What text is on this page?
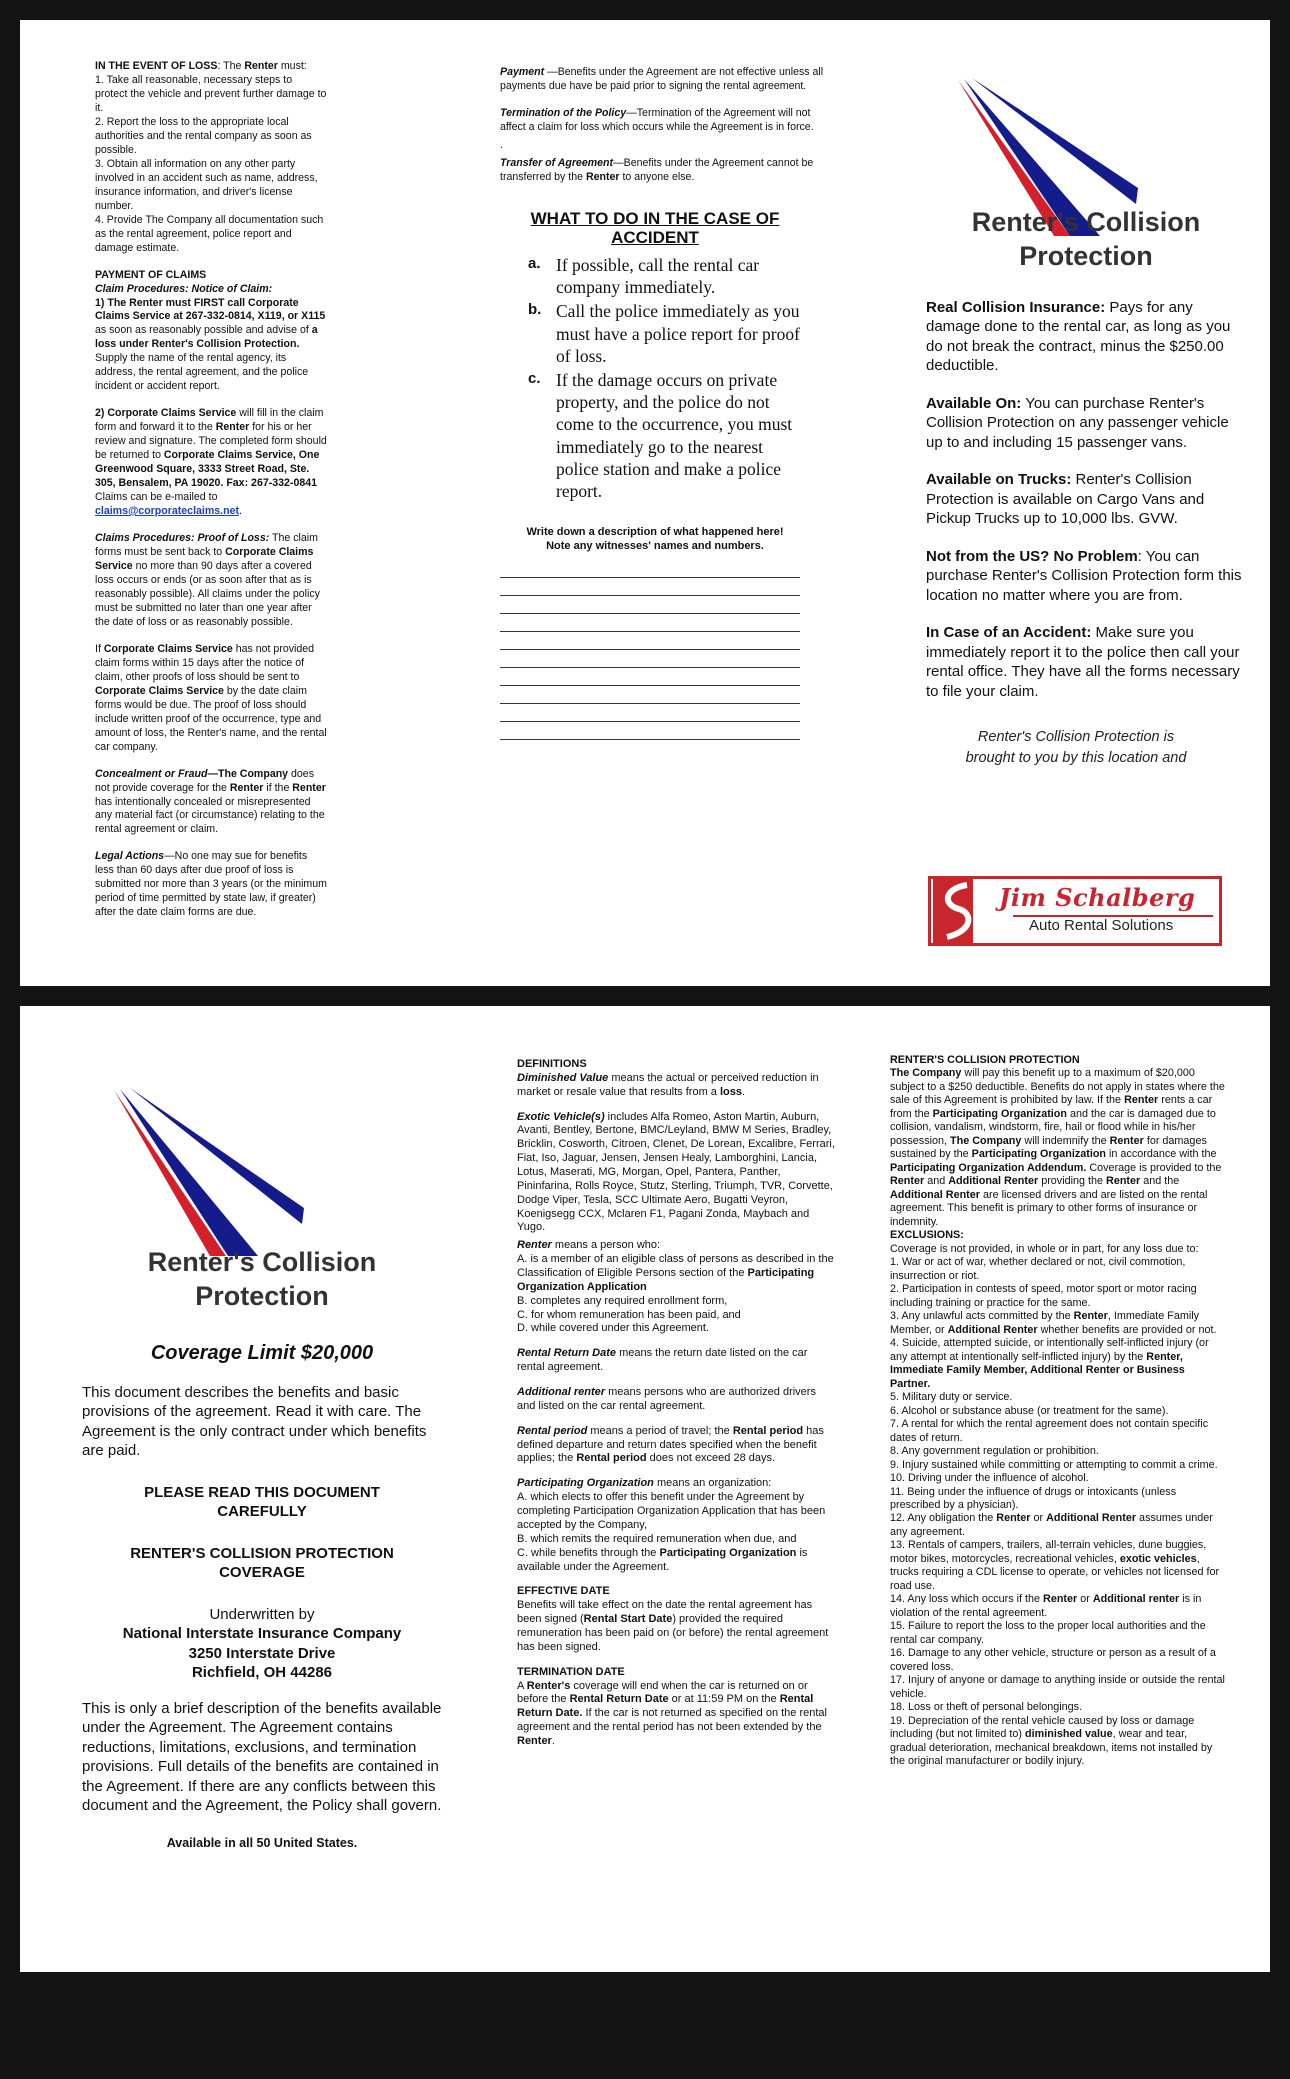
IN THE EVENT OF LOSS: The Renter must:
1. Take all reasonable, necessary steps to protect the vehicle and prevent further damage to it.
2. Report the loss to the appropriate local authorities and the rental company as soon as possible.
3. Obtain all information on any other party involved in an accident such as name, address, insurance information, and driver's license number.
4. Provide The Company all documentation such as the rental agreement, police report and damage estimate.

PAYMENT OF CLAIMS
Claim Procedures: Notice of Claim:
1) The Renter must FIRST call Corporate Claims Service at 267-332-0814, X119, or X115 as soon as reasonably possible and advise of a loss under Renter's Collision Protection. Supply the name of the rental agency, its address, the rental agreement, and the police incident or accident report.

2) Corporate Claims Service will fill in the claim form and forward it to the Renter for his or her review and signature. The completed form should be returned to Corporate Claims Service, One Greenwood Square, 3333 Street Road, Ste. 305, Bensalem, PA 19020. Fax: 267-332-0841 Claims can be e-mailed to claims@corporateclaims.net.

Claims Procedures: Proof of Loss: The claim forms must be sent back to Corporate Claims Service no more than 90 days after a covered loss occurs or ends (or as soon after that as is reasonably possible). All claims under the policy must be submitted no later than one year after the date of loss or as reasonably possible.

If Corporate Claims Service has not provided claim forms within 15 days after the notice of claim, other proofs of loss should be sent to Corporate Claims Service by the date claim forms would be due. The proof of loss should include written proof of the occurrence, type and amount of loss, the Renter's name, and the rental car company.

Concealment or Fraud—The Company does not provide coverage for the Renter if the Renter has intentionally concealed or misrepresented any material fact (or circumstance) relating to the rental agreement or claim.

Legal Actions—No one may sue for benefits less than 60 days after due proof of loss is submitted nor more than 3 years (or the minimum period of time permitted by state law, if greater) after the date claim forms are due.

Payment —Benefits under the Agreement are not effective unless all payments due have be paid prior to signing the rental agreement.

Termination of the Policy—Termination of the Agreement will not affect a claim for loss which occurs while the Agreement is in force.

.

Transfer of Agreement—Benefits under the Agreement cannot be transferred by the Renter to anyone else.

WHAT TO DO IN THE CASE OF ACCIDENT
a. If possible, call the rental car company immediately.
b. Call the police immediately as you must have a police report for proof of loss.
c. If the damage occurs on private property, and the police do not come to the occurrence, you must immediately go to the nearest police station and make a police report.
Write down a description of what happened here!
Note any witnesses' names and numbers.
Renter's Collision
Protection

Real Collision Insurance: Pays for any damage done to the rental car, as long as you do not break the contract, minus the $250.00 deductible.

Available On: You can purchase Renter's Collision Protection on any passenger vehicle up to and including 15 passenger vans.

Available on Trucks: Renter's Collision Protection is available on Cargo Vans and Pickup Trucks up to 10,000 lbs. GVW.

Not from the US? No Problem: You can purchase Renter's Collision Protection form this location no matter where you are from.

In Case of an Accident: Make sure you immediately report it to the police then call your rental office. They have all the forms necessary to file your claim.

Renter's Collision Protection is
brought to you by this location and
Jim Schalberg
Auto Rental Solutions
Renter's Collision
Protection
Coverage Limit $20,000
This document describes the benefits and basic provisions of the agreement. Read it with care. The Agreement is the only contract under which benefits are paid.
PLEASE READ THIS DOCUMENT
CAREFULLY
RENTER'S COLLISION PROTECTION
COVERAGE
Underwritten by
National Interstate Insurance Company
3250 Interstate Drive
Richfield, OH 44286
This is only a brief description of the benefits available under the Agreement. The Agreement contains reductions, limitations, exclusions, and termination provisions. Full details of the benefits are contained in the Agreement. If there are any conflicts between this document and the Agreement, the Policy shall govern.
Available in all 50 United States.

DEFINITIONS

Diminished Value means the actual or perceived reduction in market or resale value that results from a loss.

Exotic Vehicle(s) includes Alfa Romeo, Aston Martin, Auburn, Avanti, Bentley, Bertone, BMC/Leyland, BMW M Series, Bradley, Bricklin, Cosworth, Citroen, Clenet, De Lorean, Excalibre, Ferrari, Fiat, Iso, Jaguar, Jensen, Jensen Healy, Lamborghini, Lancia, Lotus, Maserati, MG, Morgan, Opel, Pantera, Panther, Pininfarina, Rolls Royce, Stutz, Sterling, Triumph, TVR, Corvette, Dodge Viper, Tesla, SCC Ultimate Aero, Bugatti Veyron, Koenigsegg CCX, Mclaren F1, Pagani Zonda, Maybach and Yugo.

Renter means a person who:
A. is a member of an eligible class of persons as described in the Classification of Eligible Persons section of the Participating Organization Application
B. completes any required enrollment form,
C. for whom remuneration has been paid, and
D. while covered under this Agreement.

Rental Return Date means the return date listed on the car rental agreement.

Additional renter means persons who are authorized drivers and listed on the car rental agreement.

Rental period means a period of travel; the Rental period has defined departure and return dates specified when the benefit applies; the Rental period does not exceed 28 days.

Participating Organization means an organization:
A. which elects to offer this benefit under the Agreement by completing Participation Organization Application that has been accepted by the Company,
B. which remits the required remuneration when due, and
C. while benefits through the Participating Organization is available under the Agreement.

EFFECTIVE DATE
Benefits will take effect on the date the rental agreement has been signed (Rental Start Date) provided the required remuneration has been paid on (or before) the rental agreement has been signed.

TERMINATION DATE
A Renter's coverage will end when the car is returned on or before the Rental Return Date or at 11:59 PM on the Rental Return Date. If the car is not returned as specified on the rental agreement and the rental period has not been extended by the Renter.

RENTER'S COLLISION PROTECTION
The Company will pay this benefit up to a maximum of $20,000 subject to a $250 deductible. Benefits do not apply in states where the sale of this Agreement is prohibited by law. If the Renter rents a car from the Participating Organization and the car is damaged due to collision, vandalism, windstorm, fire, hail or flood while in his/her possession, The Company will indemnify the Renter for damages sustained by the Participating Organization in accordance with the Participating Organization Addendum. Coverage is provided to the Renter and Additional Renter providing the Renter and the Additional Renter are licensed drivers and are listed on the rental agreement. This benefit is primary to other forms of insurance or indemnity.
EXCLUSIONS:
Coverage is not provided, in whole or in part, for any loss due to:
1. War or act of war, whether declared or not, civil commotion, insurrection or riot.
2. Participation in contests of speed, motor sport or motor racing including training or practice for the same.
3. Any unlawful acts committed by the Renter, Immediate Family Member, or Additional Renter whether benefits are provided or not.
4. Suicide, attempted suicide, or intentionally self-inflicted injury (or any attempt at intentionally self-inflicted injury) by the Renter, Immediate Family Member, Additional Renter or Business Partner.
5. Military duty or service.
6. Alcohol or substance abuse (or treatment for the same).
7. A rental for which the rental agreement does not contain specific dates of return.
8. Any government regulation or prohibition.
9. Injury sustained while committing or attempting to commit a crime.
10. Driving under the influence of alcohol.
11. Being under the influence of drugs or intoxicants (unless prescribed by a physician).
12. Any obligation the Renter or Additional Renter assumes under any agreement.
13. Rentals of campers, trailers, all-terrain vehicles, dune buggies, motor bikes, motorcycles, recreational vehicles, exotic vehicles, trucks requiring a CDL license to operate, or vehicles not licensed for road use.
14. Any loss which occurs if the Renter or Additional renter is in violation of the rental agreement.
15. Failure to report the loss to the proper local authorities and the rental car company.
16. Damage to any other vehicle, structure or person as a result of a covered loss.
17. Injury of anyone or damage to anything inside or outside the rental vehicle.
18. Loss or theft of personal belongings.
19. Depreciation of the rental vehicle caused by loss or damage including (but not limited to) diminished value, wear and tear, gradual deterioration, mechanical breakdown, items not installed by the original manufacturer or bodily injury.
